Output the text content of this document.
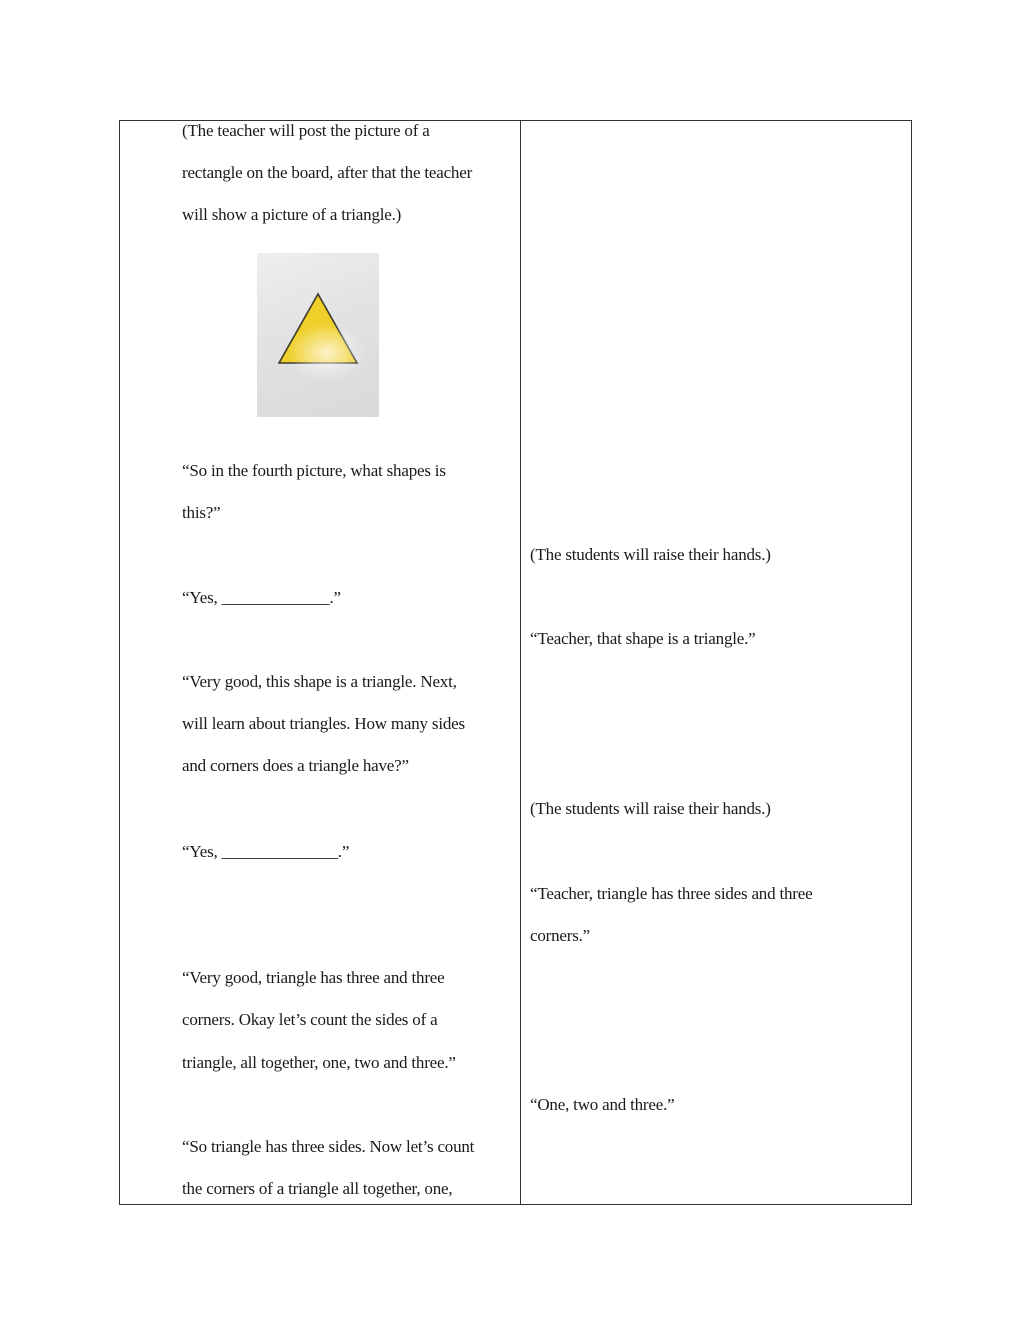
(The teacher will post the picture of a
rectangle on the board, after that the teacher
will show a picture of a triangle.)
“So in the fourth picture, what shapes is
this?”
“Yes, _____________.”
“Very good, this shape is a triangle. Next,
will learn about triangles. How many sides
and corners does a triangle have?”
“Yes, ______________.”
“Very good, triangle has three and three
corners. Okay let’s count the sides of a
triangle, all together, one, two and three.”
“So triangle has three sides. Now let’s count
the corners of a triangle all together, one,
(The students will raise their hands.)
“Teacher, that shape is a triangle.”
(The students will raise their hands.)
“Teacher, triangle has three sides and three
corners.”
“One, two and three.”
